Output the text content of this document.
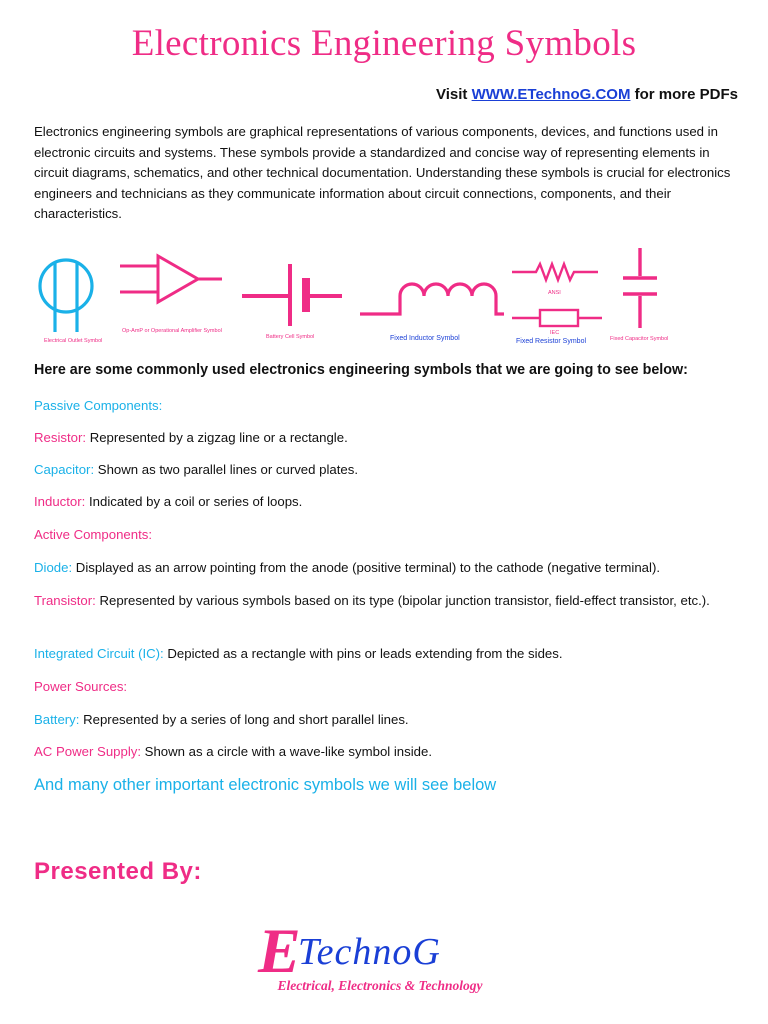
Electronics Engineering Symbols
Visit WWW.ETechnoG.COM for more PDFs
Electronics engineering symbols are graphical representations of various components, devices, and functions used in electronic circuits and systems. These symbols provide a standardized and concise way of representing elements in circuit diagrams, schematics, and other technical documentation. Understanding these symbols is crucial for electronics engineers and technicians as they communicate information about circuit connections, components, and their characteristics.
Electrical Outlet Symbol
Op-AmP or Operational Amplifier Symbol
Battery Cell Symbol	Fixed Inductor Symbol
ANSI
IEC
Fixed Resistor Symbol	Fixed Capacitor Symbol
Here are some commonly used electronics engineering symbols that we are going to see below:
Passive Components:
Resistor: Represented by a zigzag line or a rectangle.
Capacitor: Shown as two parallel lines or curved plates.
Inductor: Indicated by a coil or series of loops.
Active Components:
Diode: Displayed as an arrow pointing from the anode (positive terminal) to the cathode (negative terminal).
Transistor: Represented by various symbols based on its type (bipolar junction transistor, field-effect transistor, etc.).
Integrated Circuit (IC): Depicted as a rectangle with pins or leads extending from the sides.
Power Sources:
Battery: Represented by a series of long and short parallel lines.
AC Power Supply: Shown as a circle with a wave-like symbol inside.
And many other important electronic symbols we will see below
Presented By:
E
TechnoG
Electrical, Electronics & Technology
